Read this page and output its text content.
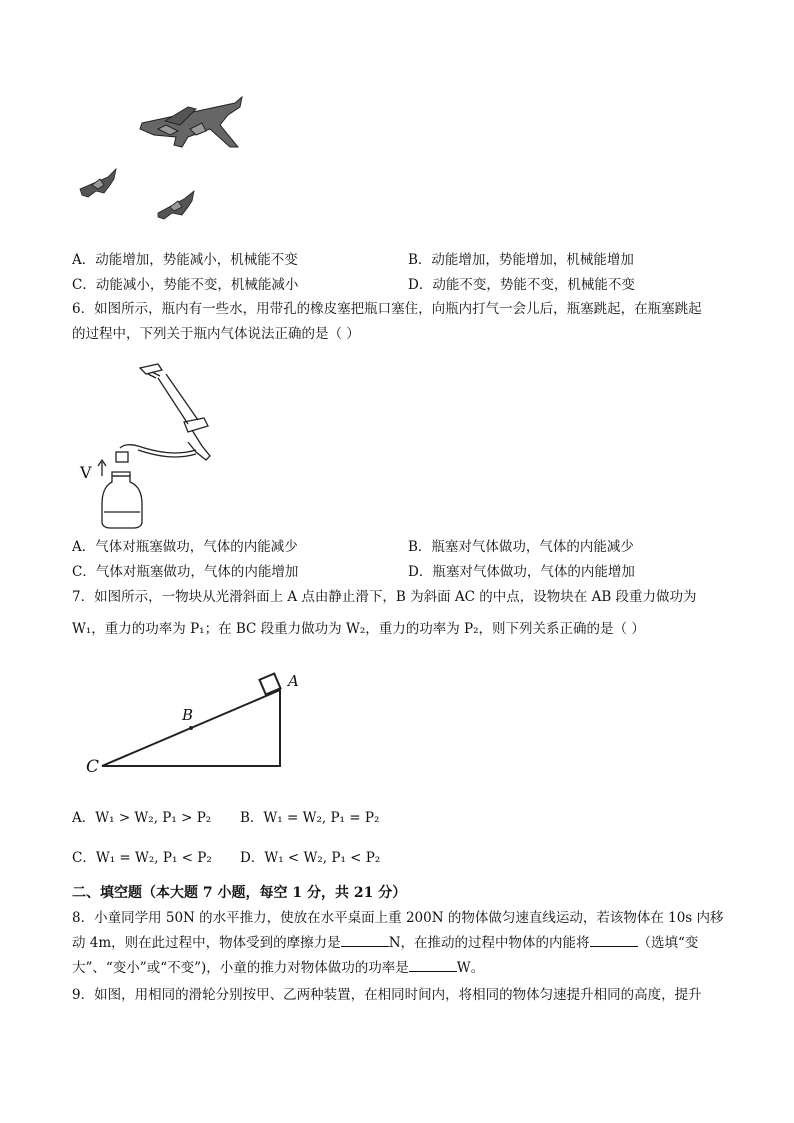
A．动能增加，势能减小，机械能不变	B．动能增加，势能增加，机械能增加
C．动能减小，势能不变，机械能减小	D．动能不变，势能不变，机械能不变
6．如图所示，瓶内有一些水，用带孔的橡皮塞把瓶口塞住，向瓶内打气一会儿后，瓶塞跳起，在瓶塞跳起
的过程中，下列关于瓶内气体说法正确的是（ ）
V
A．气体对瓶塞做功，气体的内能减少	B．瓶塞对气体做功，气体的内能减少
C．气体对瓶塞做功，气体的内能增加	D．瓶塞对气体做功，气体的内能增加
7．如图所示，一物块从光滑斜面上 A 点由静止滑下，B 为斜面 AC 的中点，设物块在 AB 段重力做功为
W₁，重力的功率为 P₁；在 BC 段重力做功为 W₂，重力的功率为 P₂，则下列关系正确的是（ ）
B
A
C
A．W₁ > W₂, P₁ > P₂ B．W₁ = W₂, P₁ = P₂
C．W₁ = W₂, P₁ < P₂ D．W₁ < W₂, P₁ < P₂
二、填空题（本大题 7 小题，每空 1 分，共 21 分）
8．小童同学用 50N 的水平推力，使放在水平桌面上重 200N 的物体做匀速直线运动，若该物体在 10s 内移
动 4m，则在此过程中，物体受到的摩擦力是	N，在推动的过程中物体的内能将	（选填“变
大”、“变小”或“不变”)，小童的推力对物体做功的功率是	W。
9．如图，用相同的滑轮分别按甲、乙两种装置，在相同时间内，将相同的物体匀速提升相同的高度，提升
